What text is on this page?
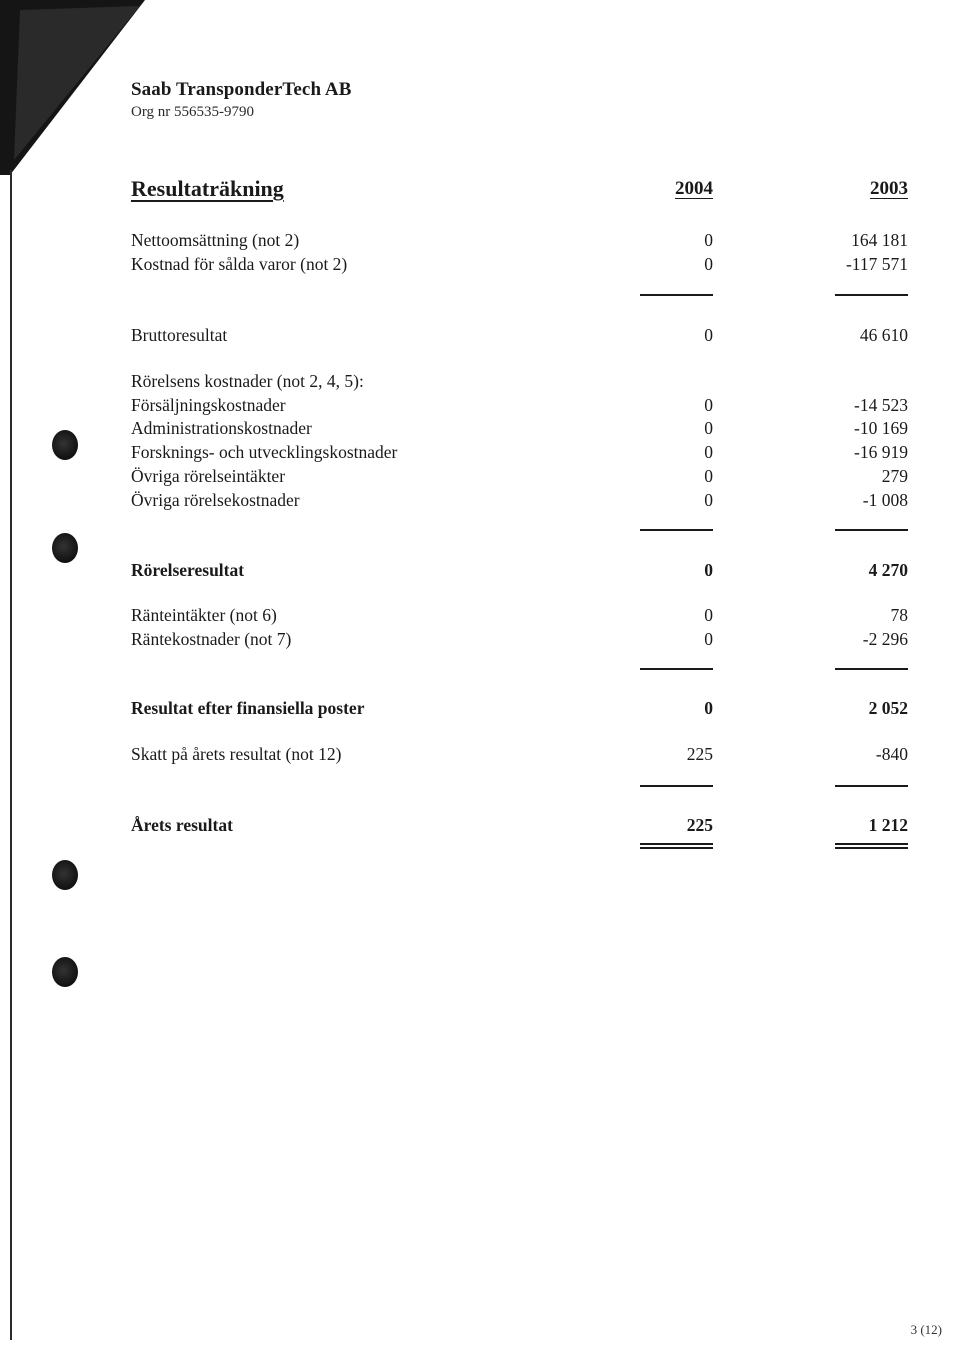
Saab TransponderTech AB
Org nr 556535-9790
Resultaträkning	2004	2003
Nettoomsättning (not 2)	0	164 181
Kostnad för sålda varor (not 2)	0	-117 571
Bruttoresultat	0	46 610
Rörelsens kostnader (not 2, 4, 5):
Försäljningskostnader	0	-14 523
Administrationskostnader	0	-10 169
Forsknings- och utvecklingskostnader	0	-16 919
Övriga rörelseintäkter	0	279
Övriga rörelsekostnader	0	-1 008
Rörelseresultat	0	4 270
Ränteintäkter (not 6)	0	78
Räntekostnader (not 7)	0	-2 296
Resultat efter finansiella poster	0	2 052
Skatt på årets resultat (not 12)	225	-840
Årets resultat	225	1 212
3 (12)
